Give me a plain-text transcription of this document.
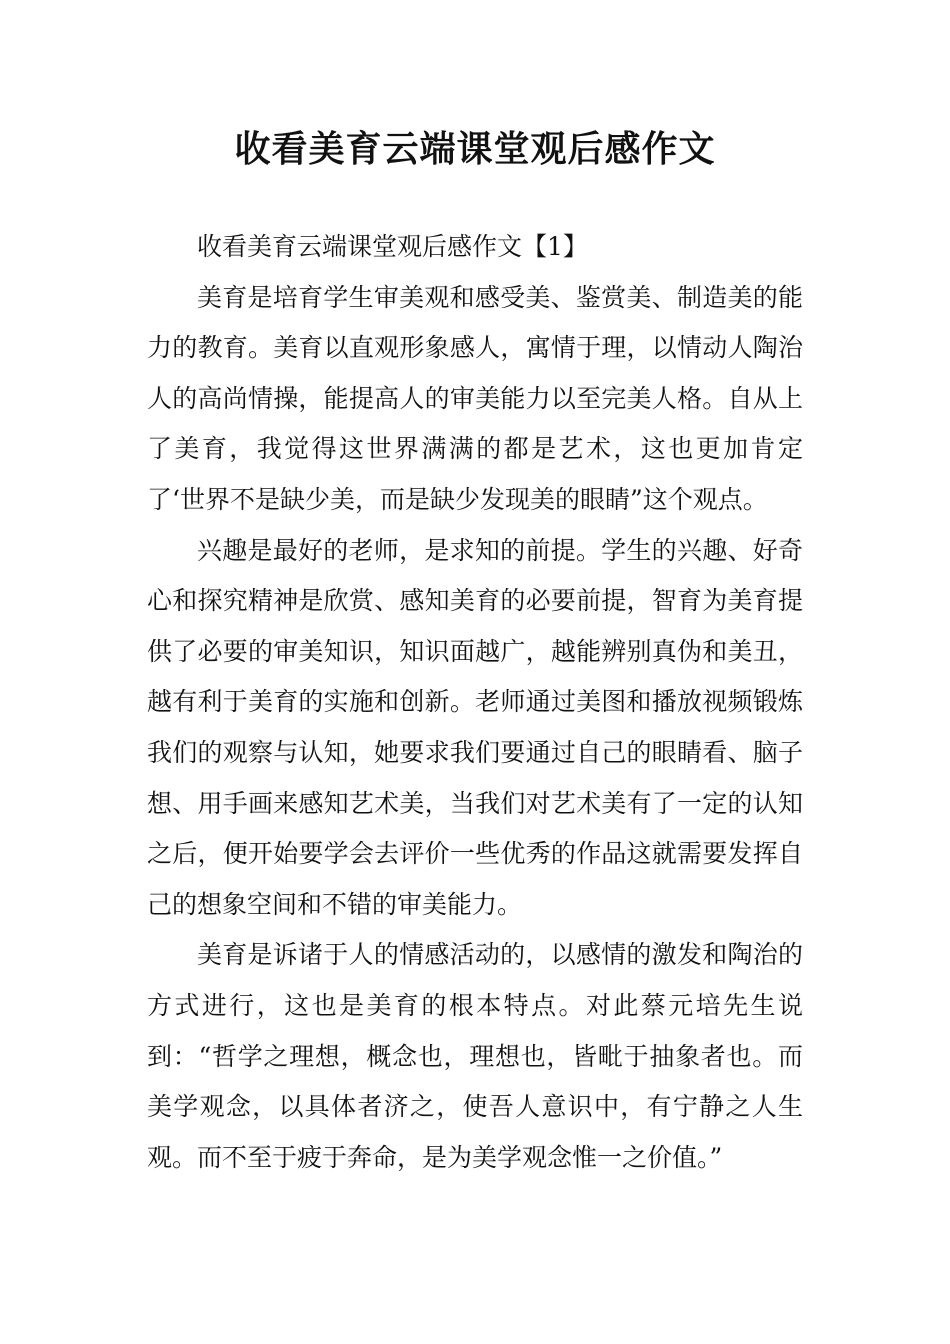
收看美育云端课堂观后感作文

收看美育云端课堂观后感作文【1】

美育是培育学生审美观和感受美、鉴赏美、制造美的能力的教育。美育以直观形象感人，寓情于理，以情动人陶治人的高尚情操，能提高人的审美能力以至完美人格。自从上了美育，我觉得这世界满满的都是艺术，这也更加肯定了‘世界不是缺少美，而是缺少发现美的眼睛”这个观点。

兴趣是最好的老师，是求知的前提。学生的兴趣、好奇心和探究精神是欣赏、感知美育的必要前提，智育为美育提供了必要的审美知识，知识面越广，越能辨别真伪和美丑，越有利于美育的实施和创新。老师通过美图和播放视频锻炼我们的观察与认知，她要求我们要通过自己的眼睛看、脑子想、用手画来感知艺术美，当我们对艺术美有了一定的认知之后，便开始要学会去评价一些优秀的作品这就需要发挥自己的想象空间和不错的审美能力。

美育是诉诸于人的情感活动的，以感情的激发和陶治的方式进行，这也是美育的根本特点。对此蔡元培先生说到：“哲学之理想，概念也，理想也，皆毗于抽象者也。而美学观念，以具体者济之，使吾人意识中，有宁静之人生观。而不至于疲于奔命，是为美学观念惟一之价值。”
